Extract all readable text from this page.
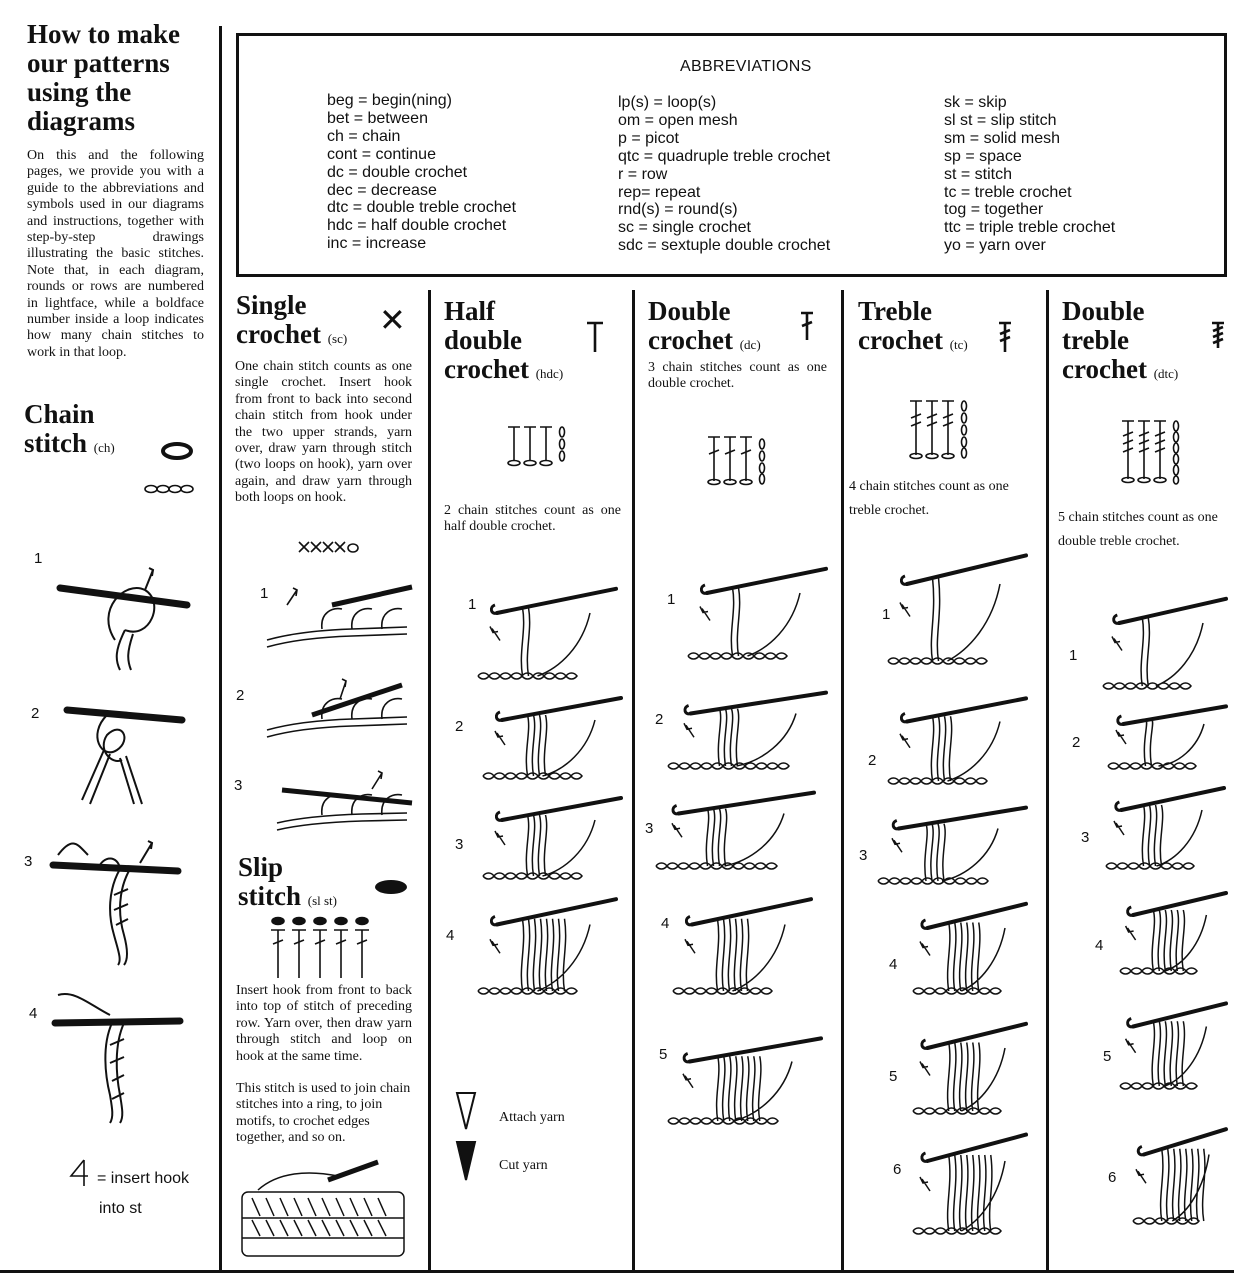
How to make our patterns using the diagrams
On this and the following pages, we provide you with a guide to the abbreviations and symbols used in our diagrams and instructions, together with step-by-step drawings illustrating the basic stitches. Note that, in each diagram, rounds or rows are numbered in lightface, while a boldface number inside a loop indicates how many chain stitches to work in that loop.
Chain stitch (ch)
1
2
3
4
= insert hook
into st
ABBREVIATIONS
beg = begin(ning)
bet = between
ch = chain
cont = continue
dc = double crochet
dec = decrease
dtc = double treble crochet
hdc = half double crochet
inc = increase
lp(s) = loop(s)
om = open mesh
p = picot
qtc = quadruple treble crochet
r = row
rep= repeat
rnd(s) = round(s)
sc = single crochet
sdc = sextuple double crochet
sk = skip
sl st = slip stitch
sm = solid mesh
sp = space
st = stitch
tc = treble crochet
tog = together
ttc = triple treble crochet
yo = yarn over
Single
crochet (sc)
✕
One chain stitch counts as one single crochet. Insert hook from front to back into second chain stitch from hook under the two upper strands, yarn over, draw yarn through stitch (two loops on hook), yarn over again, and draw yarn through both loops on hook.
1
2
3
Slip
stitch (sl st)
Insert hook from front to back into top of stitch of preceding row. Yarn over, then draw yarn through stitch and loop on hook at the same time.
This stitch is used to join chain stitches into a ring, to join motifs, to crochet edges together, and so on.
Half
double
crochet (hdc)
2 chain stitches count as one half double crochet.
1
2
3
4
Double
crochet (dc)
3 chain stitches count as one double crochet.
1
2
3
4
5
Treble
crochet (tc)
4 chain stitches count as one treble crochet.
1
2
3
4
5
6
Double
treble
crochet (dtc)
5 chain stitches count as one double treble crochet.
1
2
3
4
5
6
Attach yarn
Cut yarn
